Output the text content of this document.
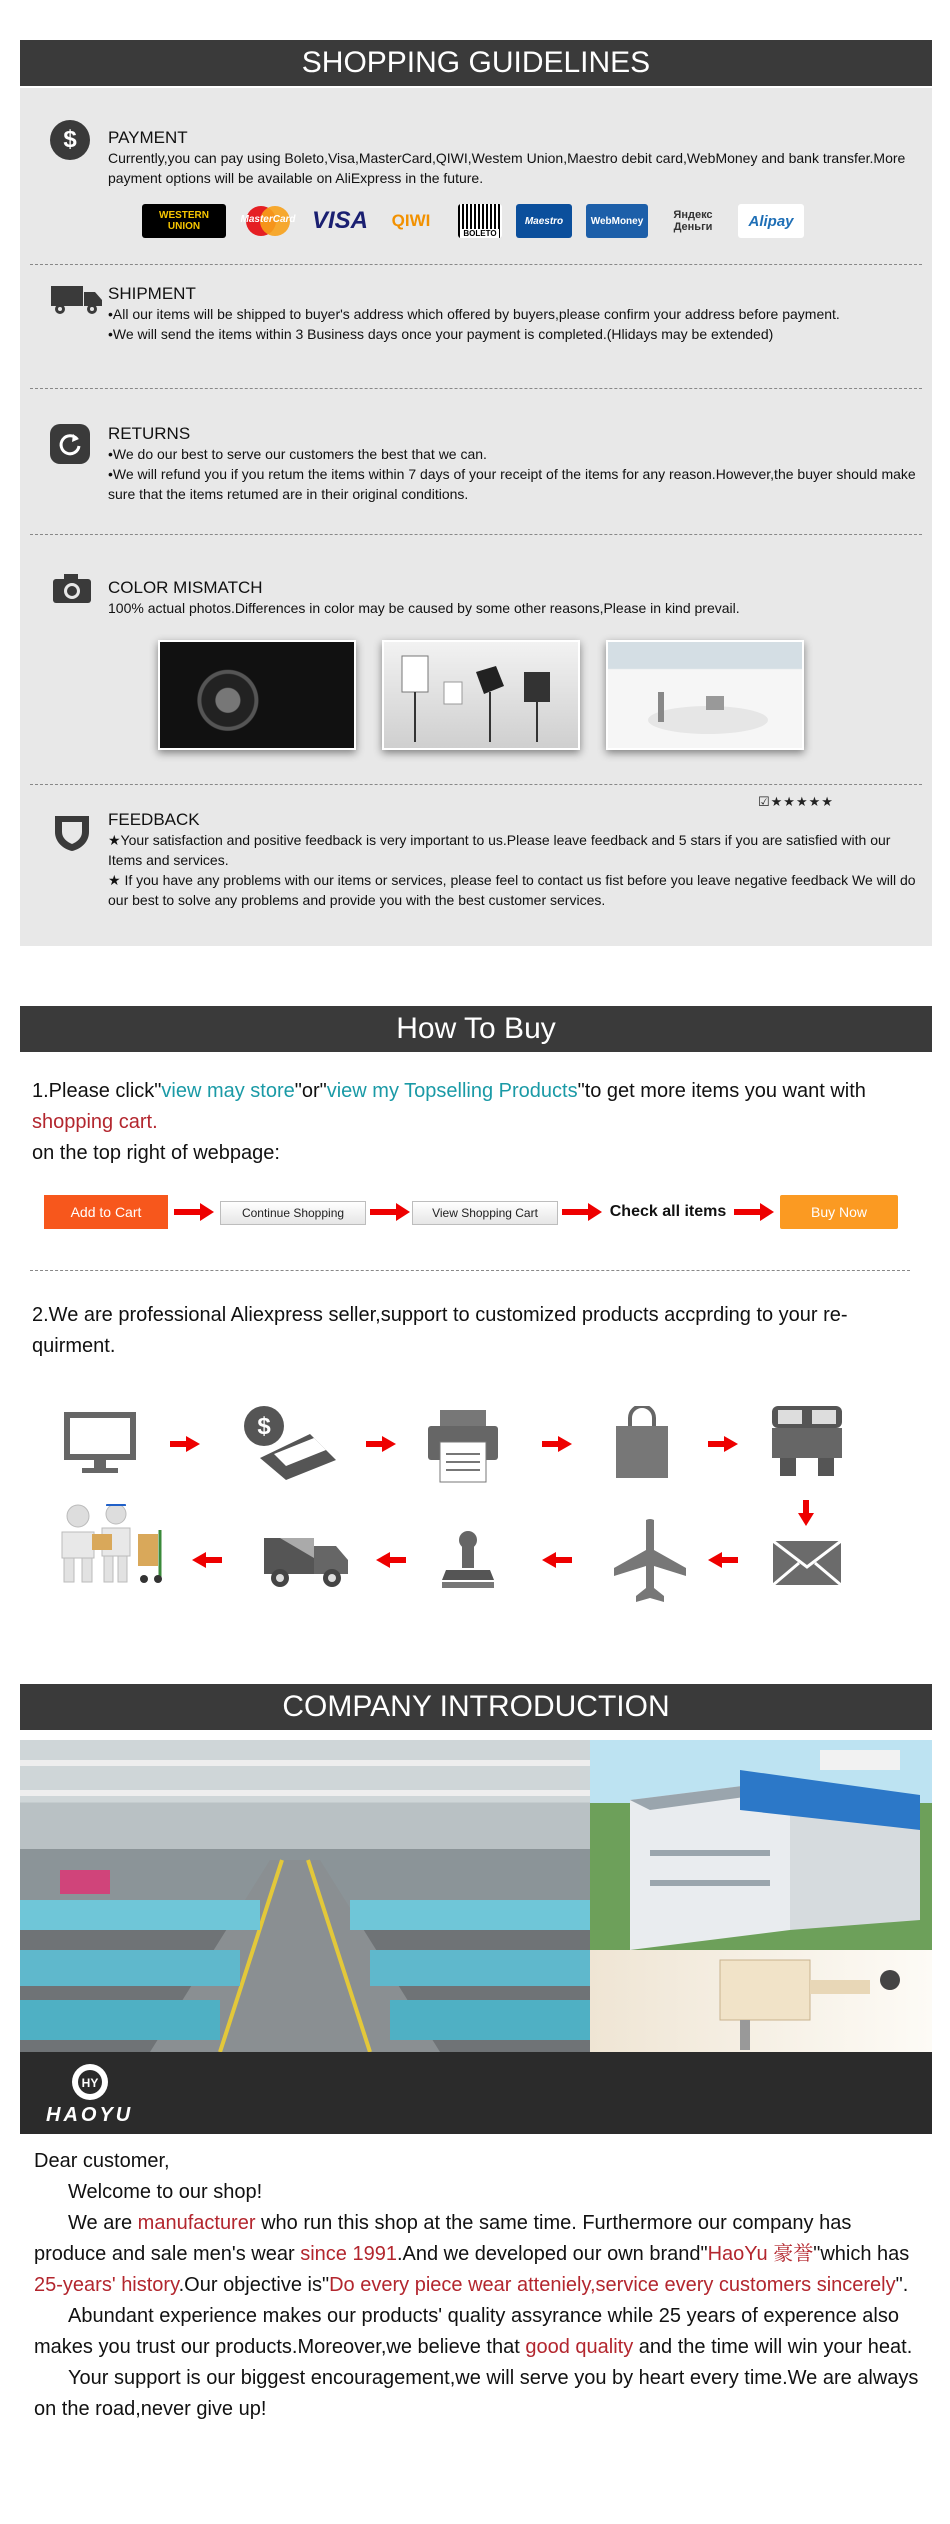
SHOPPING GUIDELINES
$ PAYMENT
Currently,you can pay using Boleto,Visa,MasterCard,QIWI,Westem Union,Maestro debit card,WebMoney and bank transfer.More payment options will be available on AliExpress in the future.
WESTERN UNION
MasterCard VISA	QIWI
BOLETO
Maestro	WebMoney	Яндекс Деньги	Alipay
SHIPMENT
•All our items will be shipped to buyer's address which offered by buyers,please confirm your address before payment.
•We will send the items within 3 Business days once your payment is completed.(Hlidays may be extended)
RETURNS
•We do our best to serve our customers the best that we can.
•We will refund you if you retum the items within 7 days of your receipt of the items for any reason.However,the buyer should make sure that the items retumed are in their original conditions.
COLOR MISMATCH
100% actual photos.Differences in color may be caused by some other reasons,Please in kind prevail.
FEEDBACK
☑★★★★★
★Your satisfaction and positive feedback is very important to us.Please leave feedback and 5 stars if you are satisfied with our Items and services.
★ If you have any problems with our items or services, please feel to contact us fist before you leave negative feedback We will do our best to solve any problems and provide you with the best customer services.
How To Buy
1.Please click"view may store"or"view my Topselling Products"to get more items you want with shopping cart.
on the top right of webpage:
Add to Cart	Continue Shopping	View Shopping Cart	Check all items	Buy Now
2.We are professional Aliexpress seller,support to customized products accprding to your re- quirment.
$
COMPANY INTRODUCTION
HY
HAOYU

Dear customer,

Welcome to our shop!

We are manufacturer who run this shop at the same time. Furthermore our company has produce and sale men's wear since 1991.And we developed our own brand"HaoYu 豪誉"which has 25-years' history.Our objective is"Do every piece wear atteniely,service every customers sincerely".

Abundant experience makes our products' quality assyrance while 25 years of experence also makes you trust our products.Moreover,we believe that good quality and the time will win your heat.

Your support is our biggest encouragement,we will serve you by heart every time.We are always on the road,never give up!
